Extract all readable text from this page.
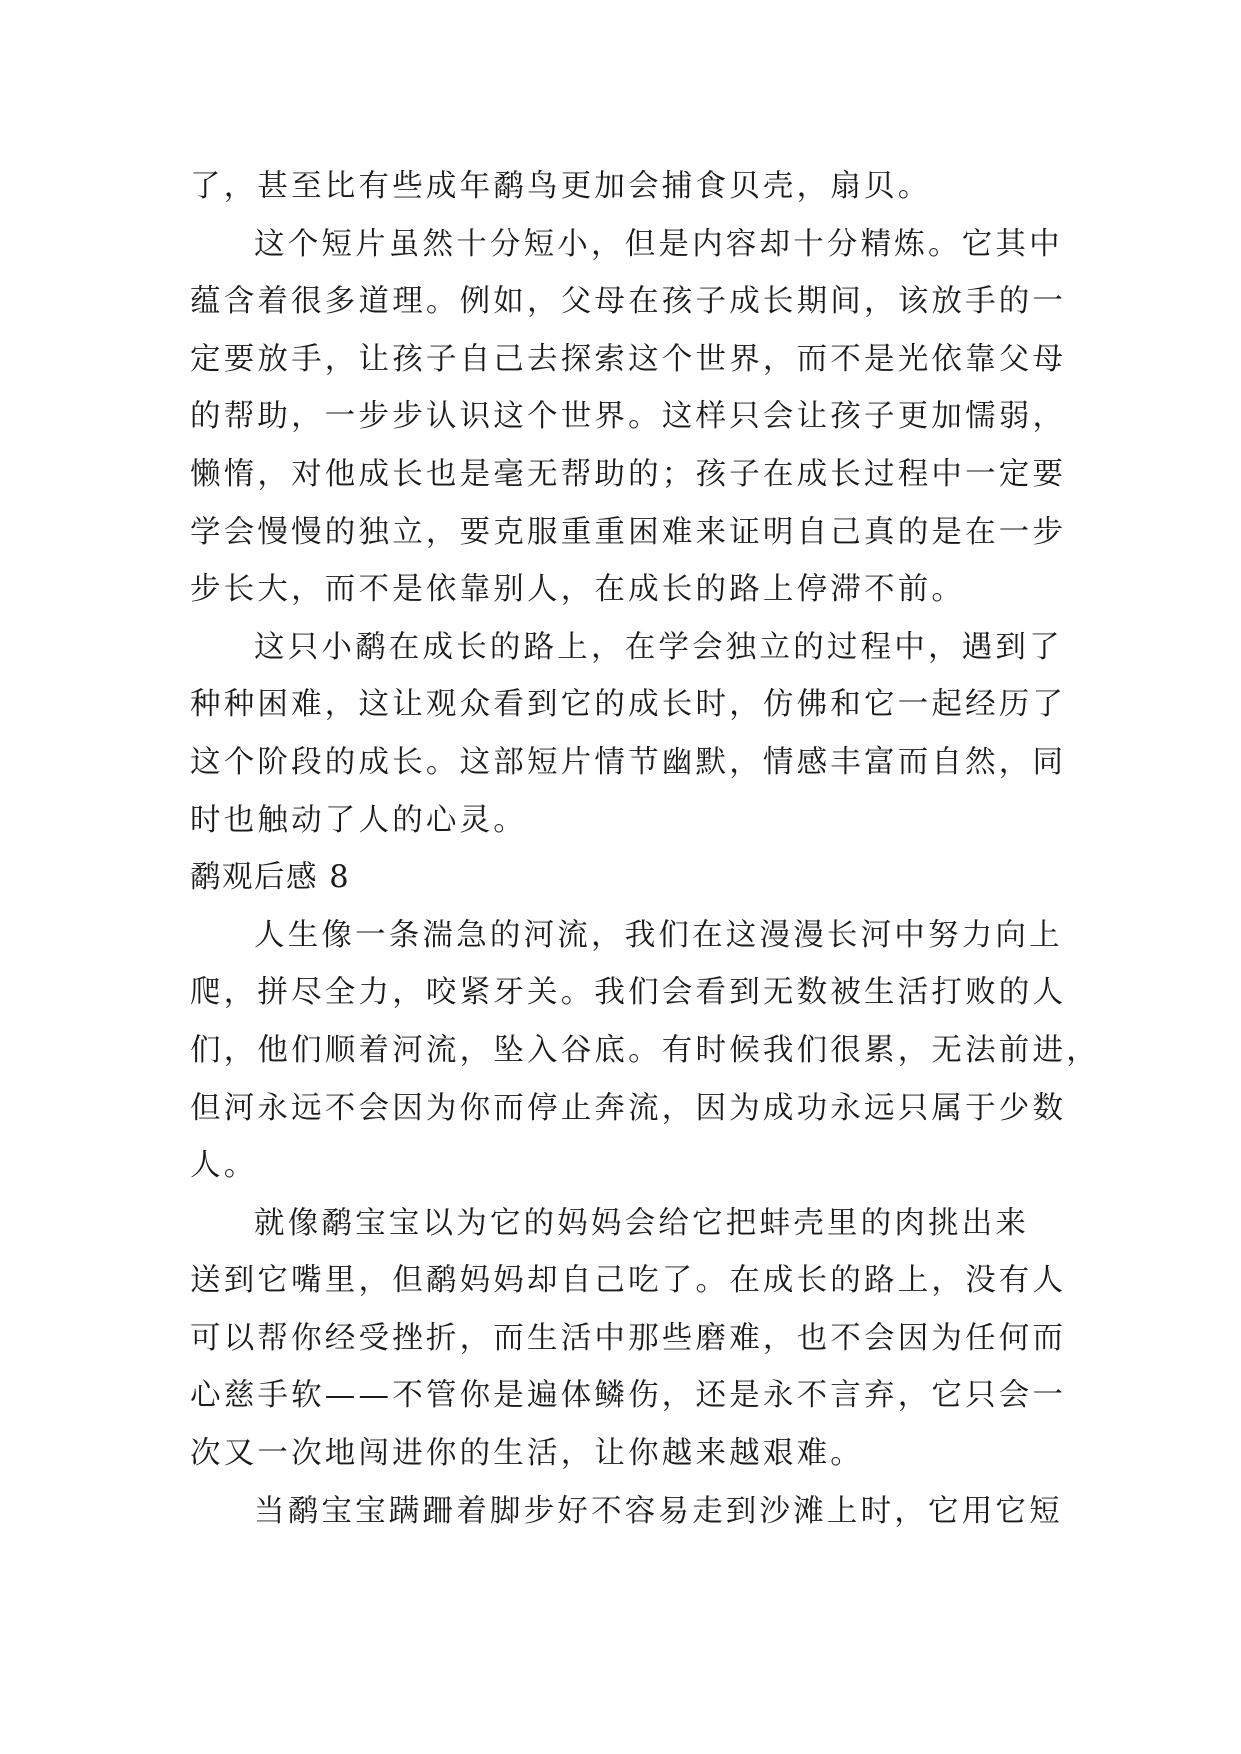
了，甚至比有些成年鹬鸟更加会捕食贝壳，扇贝。
这个短片虽然十分短小，但是内容却十分精炼。它其中
蕴含着很多道理。例如，父母在孩子成长期间，该放手的一
定要放手，让孩子自己去探索这个世界，而不是光依靠父母
的帮助，一步步认识这个世界。这样只会让孩子更加懦弱，
懒惰，对他成长也是毫无帮助的；孩子在成长过程中一定要
学会慢慢的独立，要克服重重困难来证明自己真的是在一步
步长大，而不是依靠别人，在成长的路上停滞不前。
这只小鹬在成长的路上，在学会独立的过程中，遇到了
种种困难，这让观众看到它的成长时，仿佛和它一起经历了
这个阶段的成长。这部短片情节幽默，情感丰富而自然，同
时也触动了人的心灵。
鹬观后感 8
人生像一条湍急的河流，我们在这漫漫长河中努力向上
爬，拼尽全力，咬紧牙关。我们会看到无数被生活打败的人
们，他们顺着河流，坠入谷底。有时候我们很累，无法前进，
但河永远不会因为你而停止奔流，因为成功永远只属于少数
人。
就像鹬宝宝以为它的妈妈会给它把蚌壳里的肉挑出来
送到它嘴里，但鹬妈妈却自己吃了。在成长的路上，没有人
可以帮你经受挫折，而生活中那些磨难，也不会因为任何而
心慈手软——不管你是遍体鳞伤，还是永不言弃，它只会一
次又一次地闯进你的生活，让你越来越艰难。
当鹬宝宝蹒跚着脚步好不容易走到沙滩上时，它用它短
